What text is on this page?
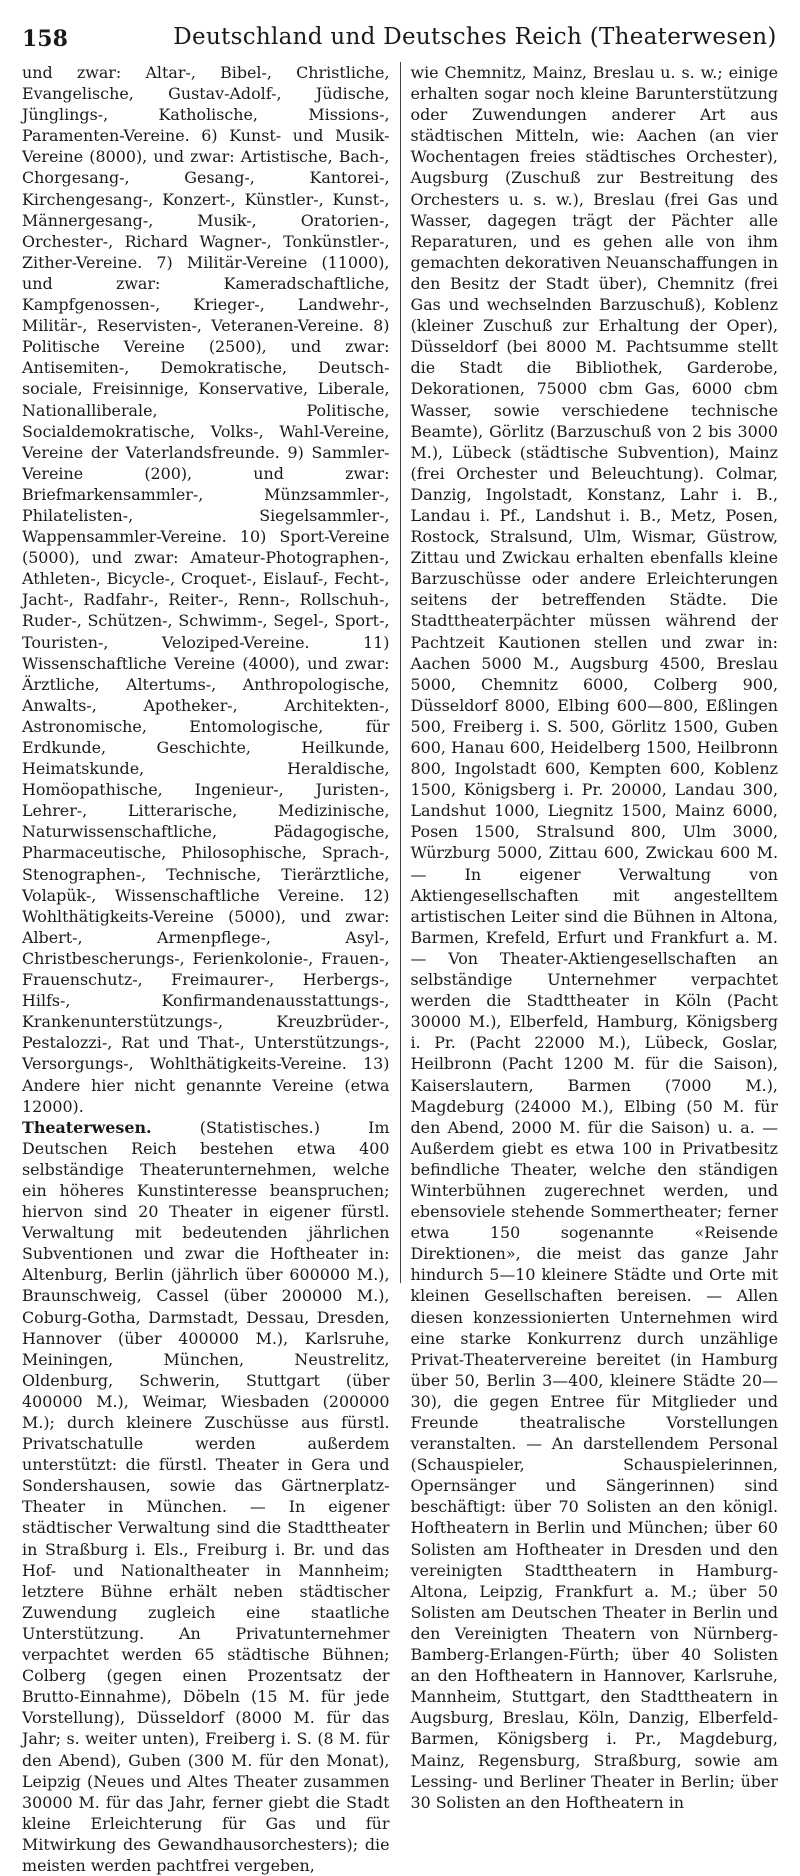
158	Deutschland und Deutsches Reich (Theaterwesen)

und zwar: Altar-, Bibel-, Christliche, Evangelische, Gustav-Adolf-, Jüdische, Jünglings-, Katholische, Missions-, Paramenten-Vereine. 6) Kunst- und Musik-Vereine (8000), und zwar: Artistische, Bach-, Chorgesang-, Gesang-, Kantorei-, Kirchengesang-, Konzert-, Künstler-, Kunst-, Männergesang-, Musik-, Oratorien-, Orchester-, Richard Wagner-, Tonkünstler-, Zither-Vereine. 7) Militär-Vereine (11000), und zwar: Kameradschaftliche, Kampfgenossen-, Krieger-, Landwehr-, Militär-, Reservisten-, Veteranen-Vereine. 8) Politische Vereine (2500), und zwar: Antisemiten-, Demokratische, Deutsch-sociale, Freisinnige, Konservative, Liberale, Nationalliberale, Politische, Socialdemokratische, Volks-, Wahl-Vereine, Vereine der Vaterlandsfreunde. 9) Sammler-Vereine (200), und zwar: Briefmarkensammler-, Münzsammler-, Philatelisten-, Siegelsammler-, Wappensammler-Vereine. 10) Sport-Vereine (5000), und zwar: Amateur-Photographen-, Athleten-, Bicycle-, Croquet-, Eislauf-, Fecht-, Jacht-, Radfahr-, Reiter-, Renn-, Rollschuh-, Ruder-, Schützen-, Schwimm-, Segel-, Sport-, Touristen-, Veloziped-Vereine. 11) Wissenschaftliche Vereine (4000), und zwar: Ärztliche, Altertums-, Anthropologische, Anwalts-, Apotheker-, Architekten-, Astronomische, Entomologische, für Erdkunde, Geschichte, Heilkunde, Heimatskunde, Heraldische, Homöopathische, Ingenieur-, Juristen-, Lehrer-, Litterarische, Medizinische, Naturwissenschaftliche, Pädagogische, Pharmaceutische, Philosophische, Sprach-, Stenographen-, Technische, Tierärztliche, Volapük-, Wissenschaftliche Vereine. 12) Wohlthätigkeits-Vereine (5000), und zwar: Albert-, Armenpflege-, Asyl-, Christbescherungs-, Ferienkolonie-, Frauen-, Frauenschutz-, Freimaurer-, Herbergs-, Hilfs-, Konfirmandenausstattungs-, Krankenunterstützungs-, Kreuzbrüder-, Pestalozzi-, Rat und That-, Unterstützungs-, Versorgungs-, Wohlthätigkeits-Vereine. 13) Andere hier nicht genannte Vereine (etwa 12000).

Theaterwesen.	(Statistisches.) Im Deutschen Reich bestehen etwa 400 selbständige Theaterunternehmen, welche ein höheres Kunstinteresse beanspruchen; hiervon sind 20 Theater in eigener fürstl. Verwaltung mit bedeutenden jährlichen Subventionen und zwar die Hoftheater in: Altenburg, Berlin (jährlich über 600000 M.), Braunschweig, Cassel (über 200000 M.), Coburg-Gotha, Darmstadt, Dessau, Dresden, Hannover (über 400000 M.), Karlsruhe, Meiningen, München, Neustrelitz, Oldenburg, Schwerin, Stuttgart (über 400000 M.), Weimar, Wiesbaden (200000 M.); durch kleinere Zuschüsse aus fürstl. Privatschatulle werden außerdem unterstützt: die fürstl. Theater in Gera und Sondershausen, sowie das Gärtnerplatz-Theater in München. — In eigener städtischer Verwaltung sind die Stadttheater in Straßburg i. Els., Freiburg i. Br. und das Hof- und Nationaltheater in Mannheim; letztere Bühne erhält neben städtischer Zuwendung zugleich eine staatliche Unterstützung. An Privatunternehmer verpachtet werden 65 städtische Bühnen; Colberg (gegen einen Prozentsatz der Brutto-Einnahme), Döbeln (15 M. für jede Vorstellung), Düsseldorf (8000 M. für das Jahr; s. weiter unten), Freiberg i. S. (8 M. für den Abend), Guben (300 M. für den Monat), Leipzig (Neues und Altes Theater zusammen 30000 M. für das Jahr, ferner giebt die Stadt kleine Erleichterung für Gas und für Mitwirkung des Gewandhausorchesters); die meisten werden pachtfrei vergeben,

wie Chemnitz, Mainz, Breslau u. s. w.; einige erhalten sogar noch kleine Barunterstützung oder Zuwendungen anderer Art aus städtischen Mitteln, wie: Aachen (an vier Wochentagen freies städtisches Orchester), Augsburg (Zuschuß zur Bestreitung des Orchesters u. s. w.), Breslau (frei Gas und Wasser, dagegen trägt der Pächter alle Reparaturen, und es gehen alle von ihm gemachten dekorativen Neuanschaffungen in den Besitz der Stadt über), Chemnitz (frei Gas und wechselnden Barzuschuß), Koblenz (kleiner Zuschuß zur Erhaltung der Oper), Düsseldorf (bei 8000 M. Pachtsumme stellt die Stadt die Bibliothek, Garderobe, Dekorationen, 75000 cbm Gas, 6000 cbm Wasser, sowie verschiedene technische Beamte), Görlitz (Barzuschuß von 2 bis 3000 M.), Lübeck (städtische Subvention), Mainz (frei Orchester und Beleuchtung). Colmar, Danzig, Ingolstadt, Konstanz, Lahr i. B., Landau i. Pf., Landshut i. B., Metz, Posen, Rostock, Stralsund, Ulm, Wismar, Güstrow, Zittau und Zwickau erhalten ebenfalls kleine Barzuschüsse oder andere Erleichterungen seitens der betreffenden Städte. Die Stadttheaterpächter müssen während der Pachtzeit Kautionen stellen und zwar in: Aachen 5000 M., Augsburg 4500, Breslau 5000, Chemnitz 6000, Colberg 900, Düsseldorf 8000, Elbing 600—800, Eßlingen 500, Freiberg i. S. 500, Görlitz 1500, Guben 600, Hanau 600, Heidelberg 1500, Heilbronn 800, Ingolstadt 600, Kempten 600, Koblenz 1500, Königsberg i. Pr. 20000, Landau 300, Landshut 1000, Liegnitz 1500, Mainz 6000, Posen 1500, Stralsund 800, Ulm 3000, Würzburg 5000, Zittau 600, Zwickau 600 M. — In eigener Verwaltung von Aktiengesellschaften mit angestelltem artistischen Leiter sind die Bühnen in Altona, Barmen, Krefeld, Erfurt und Frankfurt a. M. — Von Theater-Aktiengesellschaften an selbständige Unternehmer verpachtet werden die Stadttheater in Köln (Pacht 30000 M.), Elberfeld, Hamburg, Königsberg i. Pr. (Pacht 22000 M.), Lübeck, Goslar, Heilbronn (Pacht 1200 M. für die Saison), Kaiserslautern, Barmen (7000 M.), Magdeburg (24000 M.), Elbing (50 M. für den Abend, 2000 M. für die Saison) u. a. — Außerdem giebt es etwa 100 in Privatbesitz befindliche Theater, welche den ständigen Winterbühnen zugerechnet werden, und ebensoviele stehende Sommertheater; ferner etwa 150 sogenannte «Reisende Direktionen», die meist das ganze Jahr hindurch 5—10 kleinere Städte und Orte mit kleinen Gesellschaften bereisen. — Allen diesen konzessionierten Unternehmen wird eine starke Konkurrenz durch unzählige Privat-Theatervereine bereitet (in Hamburg über 50, Berlin 3—400, kleinere Städte 20—30), die gegen Entree für Mitglieder und Freunde theatralische Vorstellungen veranstalten. — An darstellendem Personal (Schauspieler, Schauspielerinnen, Opernsänger und Sängerinnen) sind beschäftigt: über 70 Solisten an den königl. Hoftheatern in Berlin und München; über 60 Solisten am Hoftheater in Dresden und den vereinigten Stadttheatern in Hamburg-Altona, Leipzig, Frankfurt a. M.; über 50 Solisten am Deutschen Theater in Berlin und den Vereinigten Theatern von Nürnberg-Bamberg-Erlangen-Fürth; über 40 Solisten an den Hoftheatern in Hannover, Karlsruhe, Mannheim, Stuttgart, den Stadttheatern in Augsburg, Breslau, Köln, Danzig, Elberfeld-Barmen, Königsberg i. Pr., Magdeburg, Mainz, Regensburg, Straßburg, sowie am Lessing- und Berliner Theater in Berlin; über 30 Solisten an den Hoftheatern in
